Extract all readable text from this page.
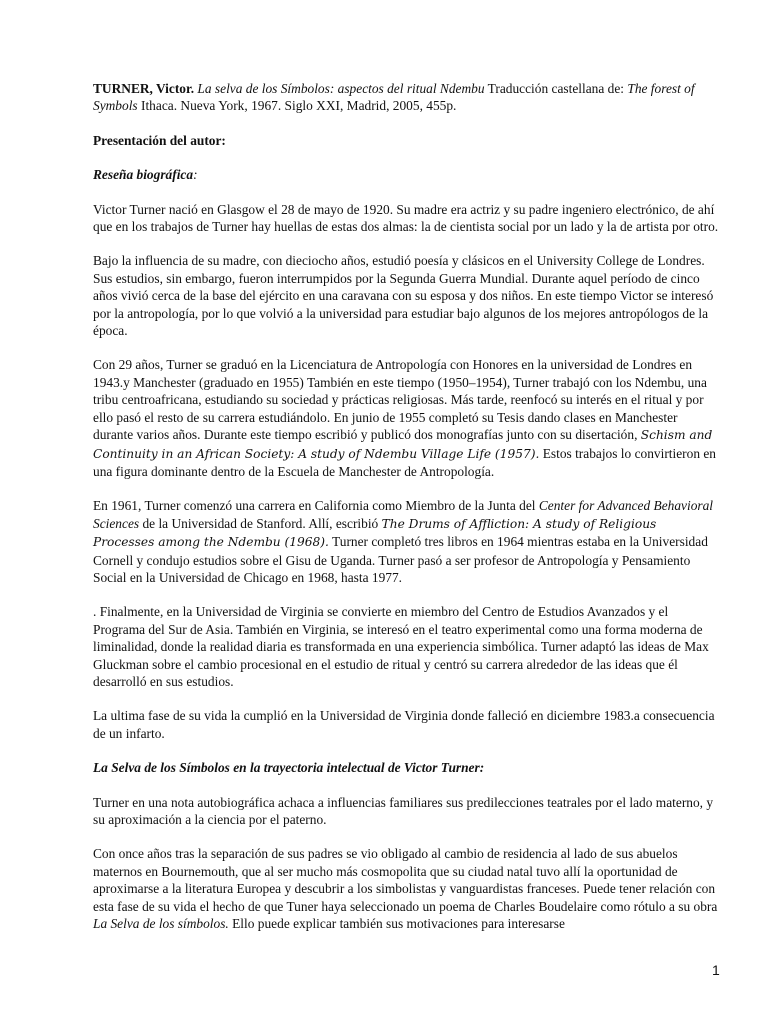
TURNER, Victor. La selva de los Símbolos: aspectos del ritual Ndembu Traducción castellana de: The forest of Symbols Ithaca. Nueva York, 1967. Siglo XXI, Madrid, 2005, 455p.

Presentación del autor:

Reseña biográfica:

Victor Turner nació en Glasgow el 28 de mayo de 1920. Su madre era actriz y su padre ingeniero electrónico, de ahí que en los trabajos de Turner hay huellas de estas dos almas: la de cientista social por un lado y la de artista por otro.

Bajo la influencia de su madre, con dieciocho años, estudió poesía y clásicos en el University College de Londres. Sus estudios, sin embargo, fueron interrumpidos por la Segunda Guerra Mundial. Durante aquel período de cinco años vivió cerca de la base del ejército en una caravana con su esposa y dos niños. En este tiempo Victor se interesó por la antropología, por lo que volvió a la universidad para estudiar bajo algunos de los mejores antropólogos de la época.

Con 29 años, Turner se graduó en la Licenciatura de Antropología con Honores en la universidad de Londres en 1943.y Manchester (graduado en 1955) También en este tiempo (1950–1954), Turner trabajó con los Ndembu, una tribu centroafricana, estudiando su sociedad y prácticas religiosas. Más tarde, reenfocó su interés en el ritual y por ello pasó el resto de su carrera estudiándolo. En junio de 1955 completó su Tesis dando clases en Manchester durante varios años. Durante este tiempo escribió y publicó dos monografías junto con su disertación, Schism and Continuity in an African Society: A study of Ndembu Village Life (1957). Estos trabajos lo convirtieron en una figura dominante dentro de la Escuela de Manchester de Antropología.

En 1961, Turner comenzó una carrera en California como Miembro de la Junta del Center for Advanced Behavioral Sciences de la Universidad de Stanford. Allí, escribió The Drums of Affliction: A study of Religious Processes among the Ndembu (1968). Turner completó tres libros en 1964 mientras estaba en la Universidad Cornell y condujo estudios sobre el Gisu de Uganda. Turner pasó a ser profesor de Antropología y Pensamiento Social en la Universidad de Chicago en 1968, hasta 1977.

. Finalmente, en la Universidad de Virginia se convierte en miembro del Centro de Estudios Avanzados y el Programa del Sur de Asia. También en Virginia, se interesó en el teatro experimental como una forma moderna de liminalidad, donde la realidad diaria es transformada en una experiencia simbólica. Turner adaptó las ideas de Max Gluckman sobre el cambio procesional en el estudio de ritual y centró su carrera alrededor de las ideas que él desarrolló en sus estudios.

La ultima fase de su vida la cumplió en la Universidad de Virginia donde falleció en diciembre 1983.a consecuencia de un infarto.

La Selva de los Símbolos en la trayectoria intelectual de Victor Turner:

Turner en una nota autobiográfica achaca a influencias familiares sus predilecciones teatrales por el lado materno, y su aproximación a la ciencia por el paterno.

Con once años tras la separación de sus padres se vio obligado al cambio de residencia al lado de sus abuelos maternos en Bournemouth, que al ser mucho más cosmopolita que su ciudad natal tuvo allí la oportunidad de aproximarse a la literatura Europea y descubrir a los simbolistas y vanguardistas franceses. Puede tener relación con esta fase de su vida el hecho de que Tuner haya seleccionado un poema de Charles Boudelaire como rótulo a su obra La Selva de los símbolos. Ello puede explicar también sus motivaciones para interesarse

1
